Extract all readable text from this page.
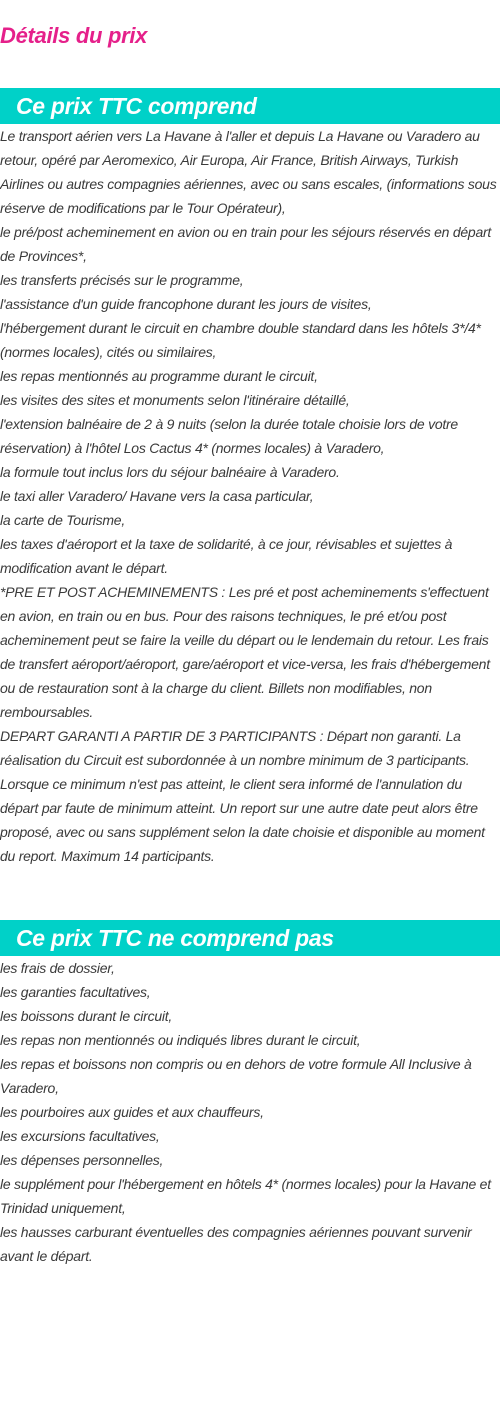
Détails du prix
Ce prix TTC comprend
Le transport aérien vers La Havane à l'aller et depuis La Havane ou Varadero au retour, opéré par Aeromexico, Air Europa, Air France, British Airways, Turkish Airlines ou autres compagnies aériennes, avec ou sans escales, (informations sous réserve de modifications par le Tour Opérateur),
le pré/post acheminement en avion ou en train pour les séjours réservés en départ de Provinces*,
les transferts précisés sur le programme,
l'assistance d'un guide francophone durant les jours de visites,
l'hébergement durant le circuit en chambre double standard dans les hôtels 3*/4*(normes locales), cités ou similaires,
les repas mentionnés au programme durant le circuit,
les visites des sites et monuments selon l'itinéraire détaillé,
l'extension balnéaire de 2 à 9 nuits (selon la durée totale choisie lors de votre réservation) à l'hôtel Los Cactus 4* (normes locales) à Varadero,
la formule tout inclus lors du séjour balnéaire à Varadero.
le taxi aller Varadero/ Havane vers la casa particular,
la carte de Tourisme,
les taxes d'aéroport et la taxe de solidarité, à ce jour, révisables et sujettes à modification avant le départ.

*PRE ET POST ACHEMINEMENTS : Les pré et post acheminements s'effectuent en avion, en train ou en bus. Pour des raisons techniques, le pré et/ou post acheminement peut se faire la veille du départ ou le lendemain du retour. Les frais de transfert aéroport/aéroport, gare/aéroport et vice-versa, les frais d'hébergement ou de restauration sont à la charge du client. Billets non modifiables, non remboursables.

DEPART GARANTI A PARTIR DE 3 PARTICIPANTS : Départ non garanti. La réalisation du Circuit est subordonnée à un nombre minimum de 3 participants. Lorsque ce minimum n'est pas atteint, le client sera informé de l'annulation du départ par faute de minimum atteint. Un report sur une autre date peut alors être proposé, avec ou sans supplément selon la date choisie et disponible au moment du report. Maximum 14 participants.

Ce prix TTC ne comprend pas
les frais de dossier,
les garanties facultatives,
les boissons durant le circuit,
les repas non mentionnés ou indiqués libres durant le circuit,
les repas et boissons non compris ou en dehors de votre formule All Inclusive à Varadero,
les pourboires aux guides et aux chauffeurs,
les excursions facultatives,
les dépenses personnelles,
le supplément pour l'hébergement en hôtels 4* (normes locales) pour la Havane et Trinidad uniquement,
les hausses carburant éventuelles des compagnies aériennes pouvant survenir avant le départ.
